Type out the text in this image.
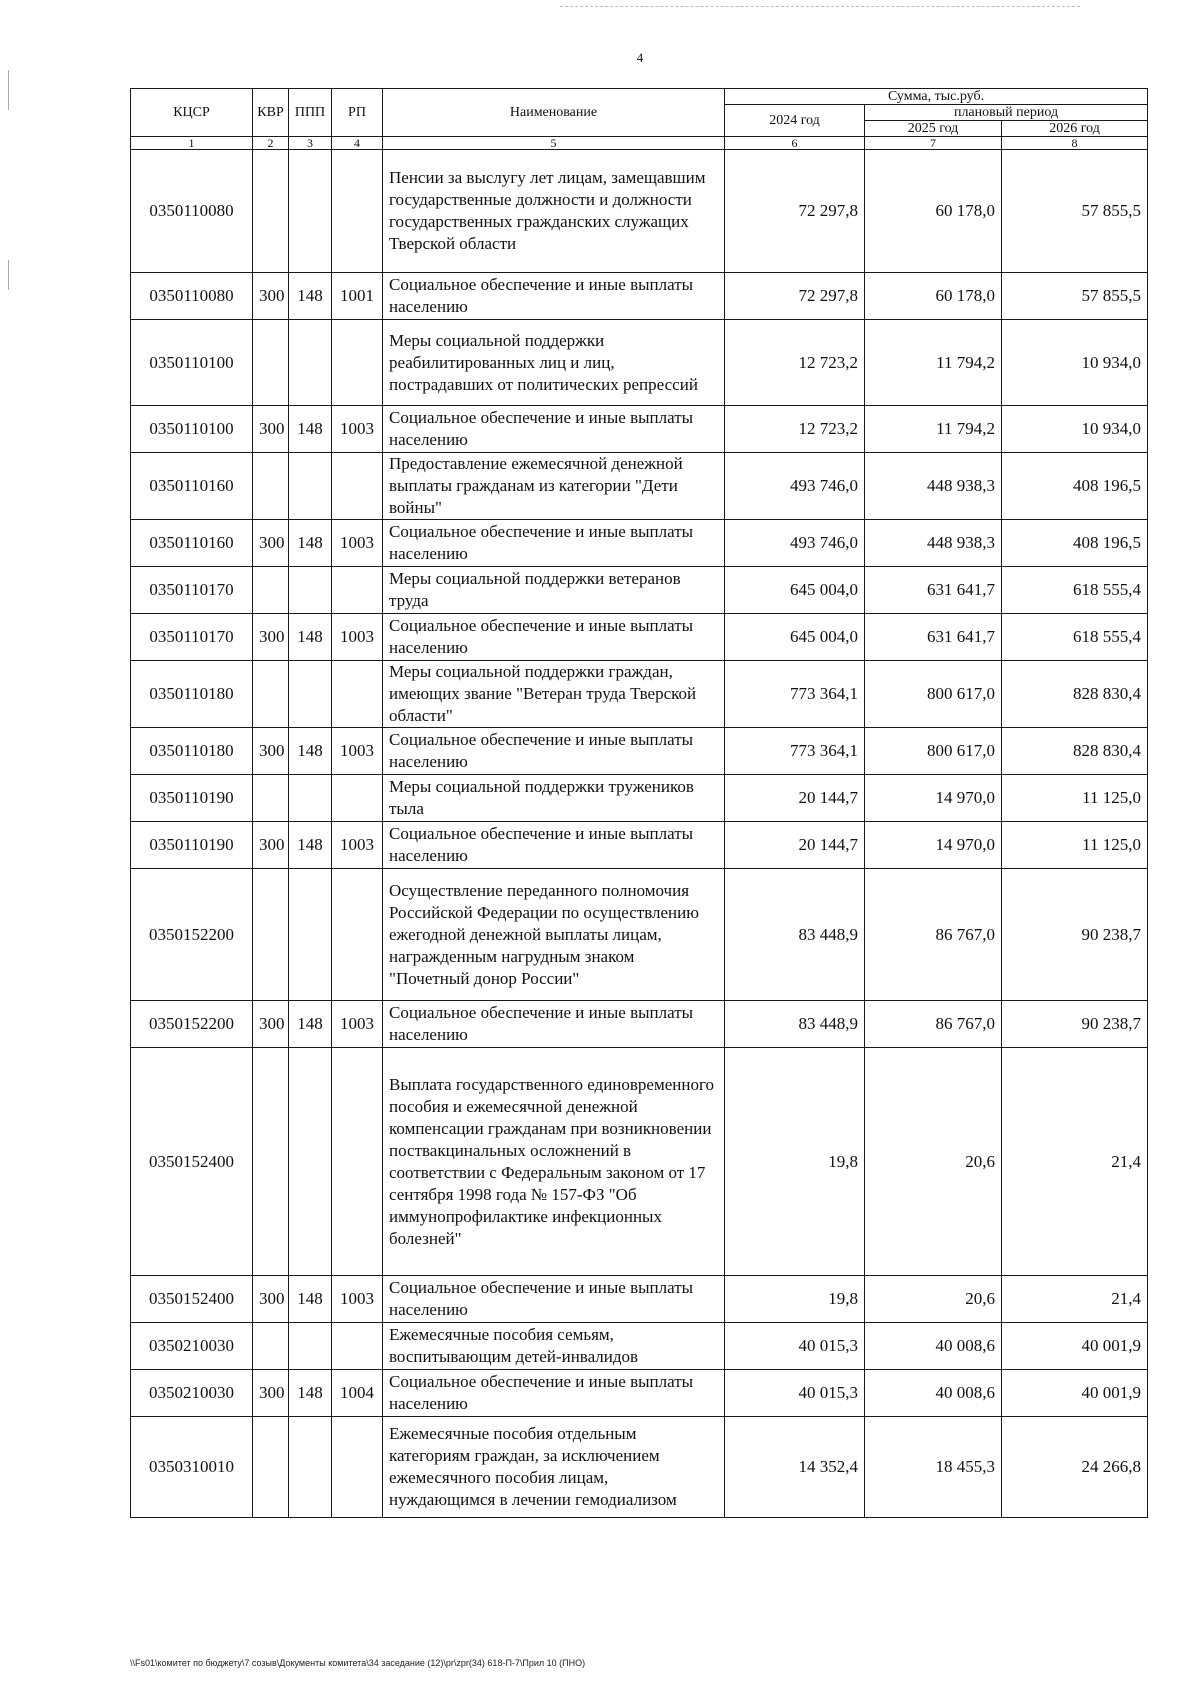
4
КЦСР	КВР	ППП	РП	Наименование	Сумма, тыс.руб.		
					2024 год	плановый период	
						2025 год	2026 год
1	2	3	4	5	6	7	8
0350110080				Пенсии за выслугу лет лицам, замещавшим государственные должности и должности государственных гражданских служащих Тверской области	72 297,8	60 178,0	57 855,5
0350110080	300	148	1001	Социальное обеспечение и иные выплаты населению	72 297,8	60 178,0	57 855,5
0350110100				Меры социальной поддержки реабилитированных лиц и лиц, пострадавших от политических репрессий	12 723,2	11 794,2	10 934,0
0350110100	300	148	1003	Социальное обеспечение и иные выплаты населению	12 723,2	11 794,2	10 934,0
0350110160				Предоставление ежемесячной денежной выплаты гражданам из категории "Дети войны"	493 746,0	448 938,3	408 196,5
0350110160	300	148	1003	Социальное обеспечение и иные выплаты населению	493 746,0	448 938,3	408 196,5
0350110170				Меры социальной поддержки ветеранов труда	645 004,0	631 641,7	618 555,4
0350110170	300	148	1003	Социальное обеспечение и иные выплаты населению	645 004,0	631 641,7	618 555,4
0350110180				Меры социальной поддержки граждан, имеющих звание "Ветеран труда Тверской области"	773 364,1	800 617,0	828 830,4
0350110180	300	148	1003	Социальное обеспечение и иные выплаты населению	773 364,1	800 617,0	828 830,4
0350110190				Меры социальной поддержки тружеников тыла	20 144,7	14 970,0	11 125,0
0350110190	300	148	1003	Социальное обеспечение и иные выплаты населению	20 144,7	14 970,0	11 125,0
0350152200				Осуществление переданного полномочия Российской Федерации по осуществлению ежегодной денежной выплаты лицам, награжденным нагрудным знаком "Почетный донор России"	83 448,9	86 767,0	90 238,7
0350152200	300	148	1003	Социальное обеспечение и иные выплаты населению	83 448,9	86 767,0	90 238,7
0350152400				Выплата государственного единовременного пособия и ежемесячной денежной компенсации гражданам при возникновении поствакцинальных осложнений в соответствии с Федеральным законом от 17 сентября 1998 года № 157-ФЗ "Об иммунопрофилактике инфекционных болезней"	19,8	20,6	21,4
0350152400	300	148	1003	Социальное обеспечение и иные выплаты населению	19,8	20,6	21,4
0350210030				Ежемесячные пособия семьям, воспитывающим детей-инвалидов	40 015,3	40 008,6	40 001,9
0350210030	300	148	1004	Социальное обеспечение и иные выплаты населению	40 015,3	40 008,6	40 001,9
0350310010				Ежемесячные пособия отдельным категориям граждан, за исключением ежемесячного пособия лицам, нуждающимся в лечении гемодиализом	14 352,4	18 455,3	24 266,8
\\Fs01\комитет по бюджету\7 созыв\Документы комитета\34 заседание (12)\pr\zpr(34) 618-П-7\Прил 10 (ПНО)
